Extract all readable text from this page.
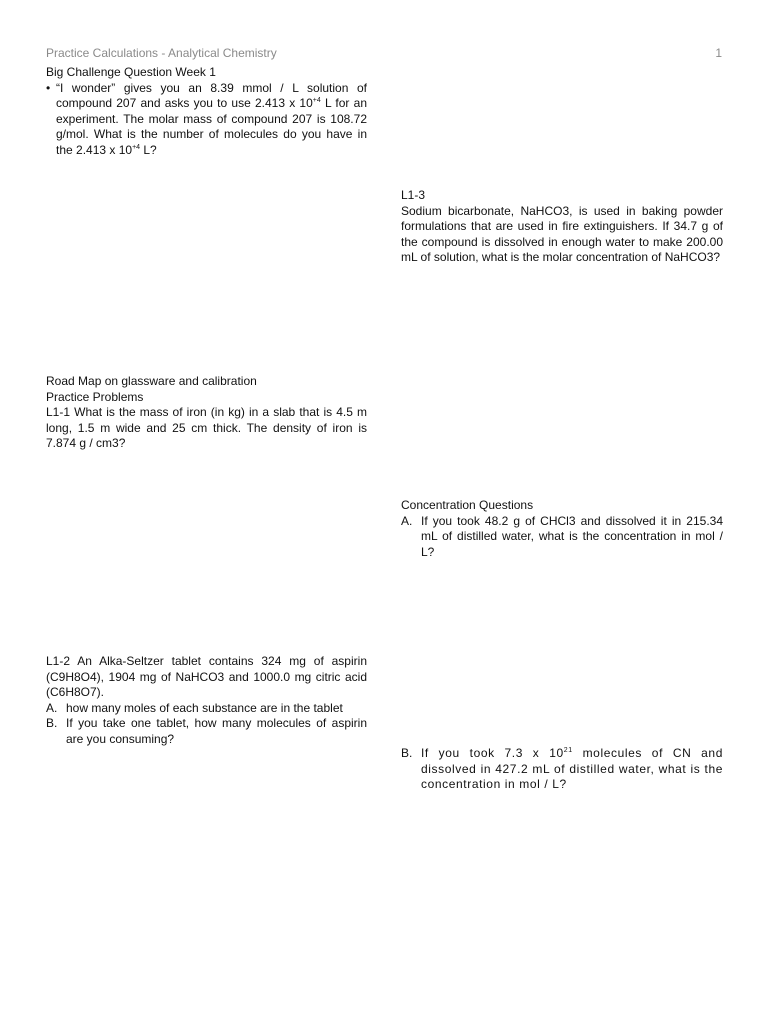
Practice Calculations - Analytical Chemistry	1

Big Challenge Question Week 1

• “I wonder” gives you an 8.39 mmol / L solution of compound 207 and asks you to use 2.413 x $10^{+4}$ L for an experiment. The molar mass of compound 207 is 108.72 g/mol. What is the number of molecules do you have in the 2.413 x $10^{+4}$ L?

L1-3

Sodium bicarbonate, NaHCO3, is used in baking powder formulations that are used in fire extinguishers. If 34.7 g of the compound is dissolved in enough water to make 200.00 mL of solution, what is the molar concentration of NaHCO3?

Road Map on glassware and calibration

Practice Problems

L1-1 What is the mass of iron (in kg) in a slab that is 4.5 m long, 1.5 m wide and 25 cm thick. The density of iron is 7.874 g / cm3?

Concentration Questions

A. If you took 48.2 g of CHCl3 and dissolved it in 215.34 mL of distilled water, what is the concentration in mol / L?

L1-2 An Alka-Seltzer tablet contains 324 mg of aspirin (C9H8O4), 1904 mg of NaHCO3 and 1000.0 mg citric acid (C6H8O7).

A. how many moles of each substance are in the tablet
B. If you take one tablet, how many molecules of aspirin are you consuming?
B. If you took 7.3 x $10^{21}$ molecules of CN and dissolved in 427.2 mL of distilled water, what is the concentration in mol / L?
